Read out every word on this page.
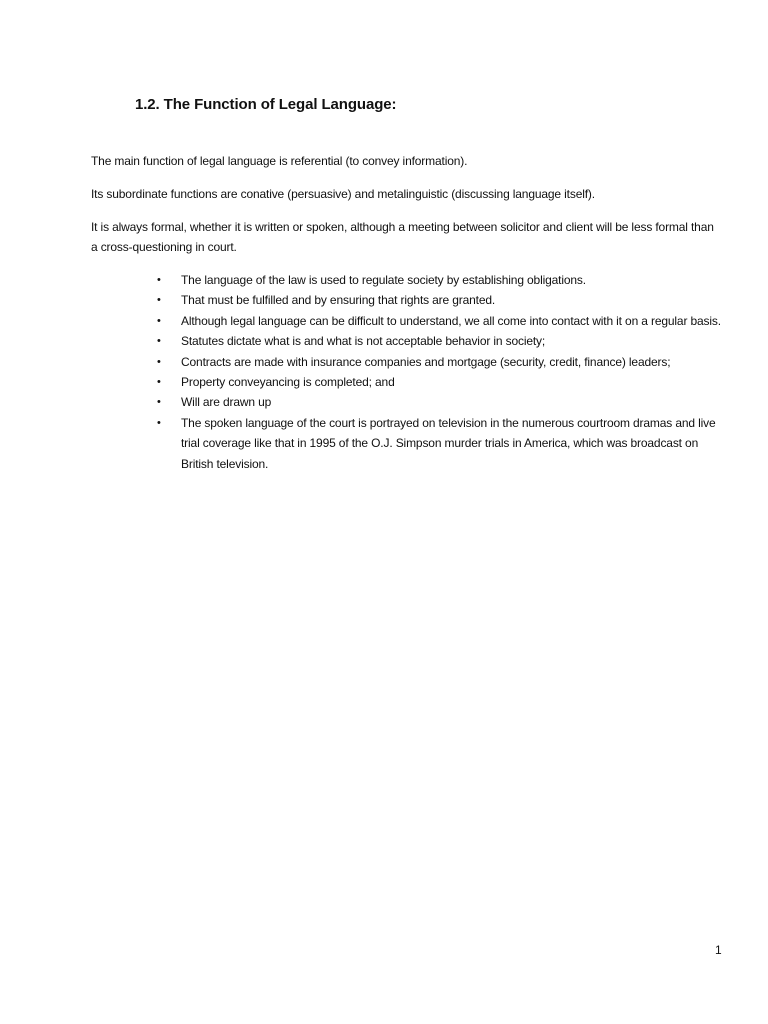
1.2. The Function of Legal Language:
The main function of legal language is referential (to convey information).
Its subordinate functions are conative (persuasive) and metalinguistic (discussing language itself).
It is always formal, whether it is written or spoken, although a meeting between solicitor and client will be less formal than a cross-questioning in court.
• The language of the law is used to regulate society by establishing obligations.
• That must be fulfilled and by ensuring that rights are granted.
• Although legal language can be difficult to understand, we all come into contact with it on a regular basis.
• Statutes dictate what is and what is not acceptable behavior in society;
• Contracts are made with insurance companies and mortgage (security, credit, finance) leaders;
• Property conveyancing is completed; and
• Will are drawn up
• The spoken language of the court is portrayed on television in the numerous courtroom dramas and live trial coverage like that in 1995 of the O.J. Simpson murder trials in America, which was broadcast on British television.
1
